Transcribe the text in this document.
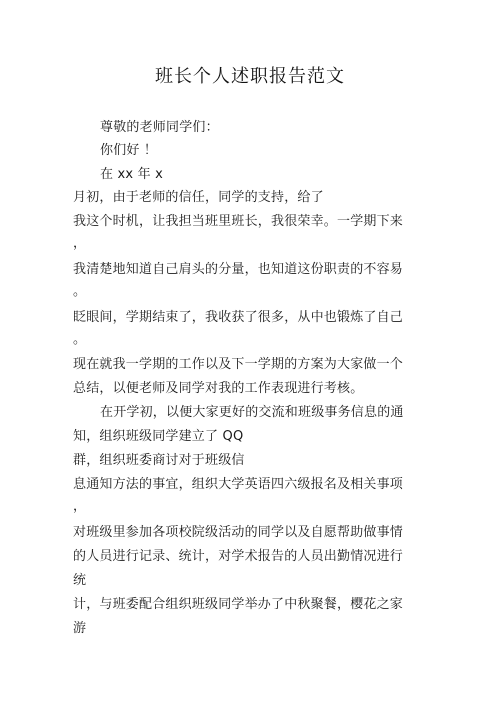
班长个人述职报告范文
尊敬的老师同学们：
你们好 ！
在 xx 年 x
月初，由于老师的信任，同学的支持，给了
我这个时机，让我担当班里班长，我很荣幸。一学期下来
，
我清楚地知道自己肩头的分量，也知道这份职责的不容易
。
眨眼间，学期结束了，我收获了很多，从中也锻炼了自己
。
现在就我一学期的工作以及下一学期的方案为大家做一个
总结，以便老师及同学对我的工作表现进行考核。
在开学初，以便大家更好的交流和班级事务信息的通
知，组织班级同学建立了 QQ
群，组织班委商讨对于班级信
息通知方法的事宜，组织大学英语四六级报名及相关事项
，
对班级里参加各项校院级活动的同学以及自愿帮助做事情
的人员进行记录、统计，对学术报告的人员出勤情况进行
统
计，与班委配合组织班级同学举办了中秋聚餐，樱花之家
游
